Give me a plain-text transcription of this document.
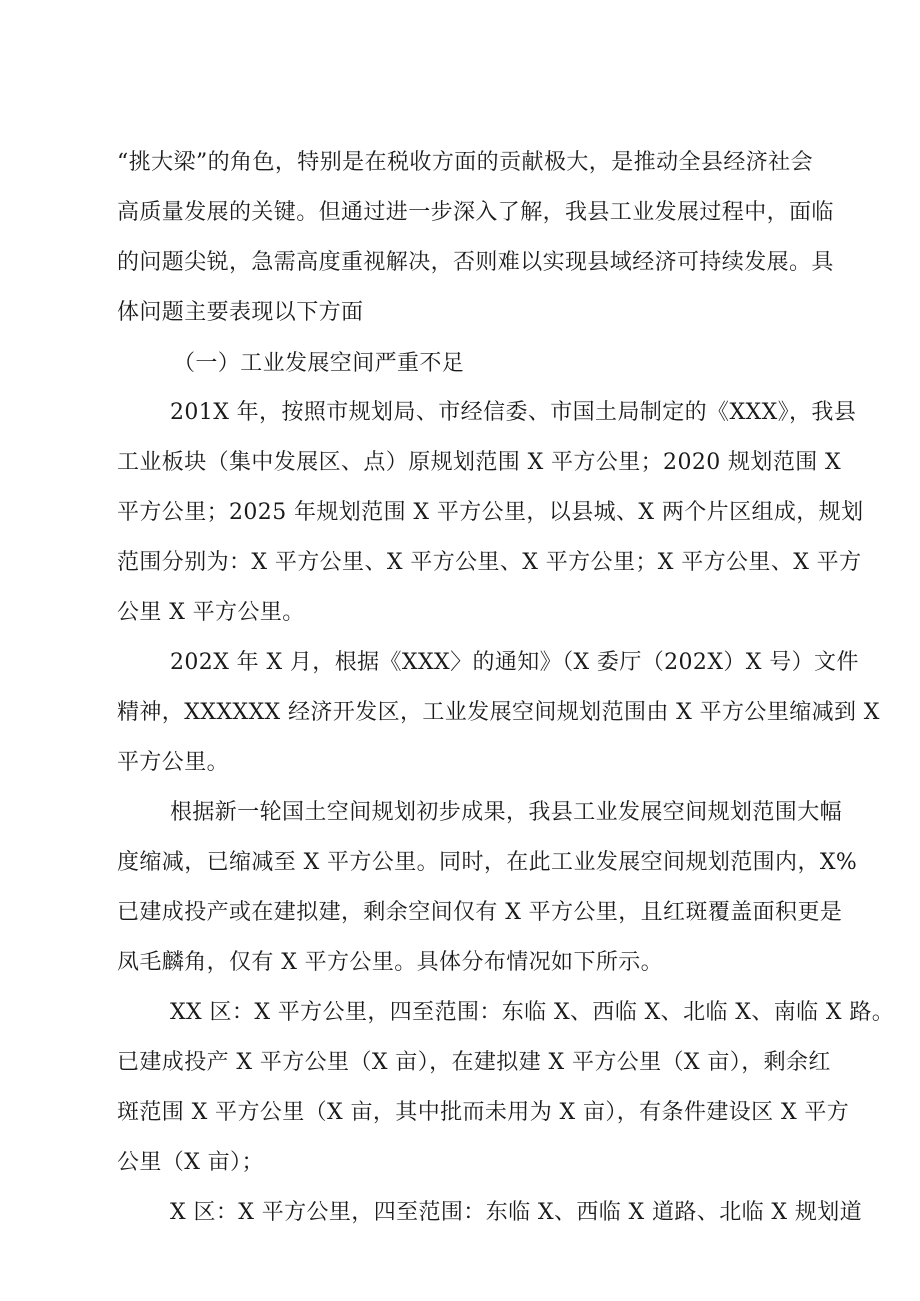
“挑大梁”的角色，特别是在税收方面的贡献极大，是推动全县经济社会
高质量发展的关键。但通过进一步深入了解，我县工业发展过程中，面临
的问题尖锐，急需高度重视解决，否则难以实现县域经济可持续发展。具
体问题主要表现以下方面
（一）工业发展空间严重不足
201X 年，按照市规划局、市经信委、市国土局制定的《XXX》，我县
工业板块（集中发展区、点）原规划范围 X 平方公里；2020 规划范围 X
平方公里；2025 年规划范围 X 平方公里，以县城、X 两个片区组成，规划
范围分别为：X 平方公里、X 平方公里、X 平方公里；X 平方公里、X 平方
公里 X 平方公里。
202X 年 X 月，根据《XXX〉的通知》（X 委厅（202X）X 号）文件
精神，XXXXXX 经济开发区，工业发展空间规划范围由 X 平方公里缩减到 X
平方公里。
根据新一轮国土空间规划初步成果，我县工业发展空间规划范围大幅
度缩减，已缩减至 X 平方公里。同时，在此工业发展空间规划范围内，X%
已建成投产或在建拟建，剩余空间仅有 X 平方公里，且红斑覆盖面积更是
凤毛麟角，仅有 X 平方公里。具体分布情况如下所示。
XX 区：X 平方公里，四至范围：东临 X、西临 X、北临 X、南临 X 路。
已建成投产 X 平方公里（X 亩），在建拟建 X 平方公里（X 亩），剩余红
斑范围 X 平方公里（X 亩，其中批而未用为 X 亩），有条件建设区 X 平方
公里（X 亩）；
X 区：X 平方公里，四至范围：东临 X、西临 X 道路、北临 X 规划道
